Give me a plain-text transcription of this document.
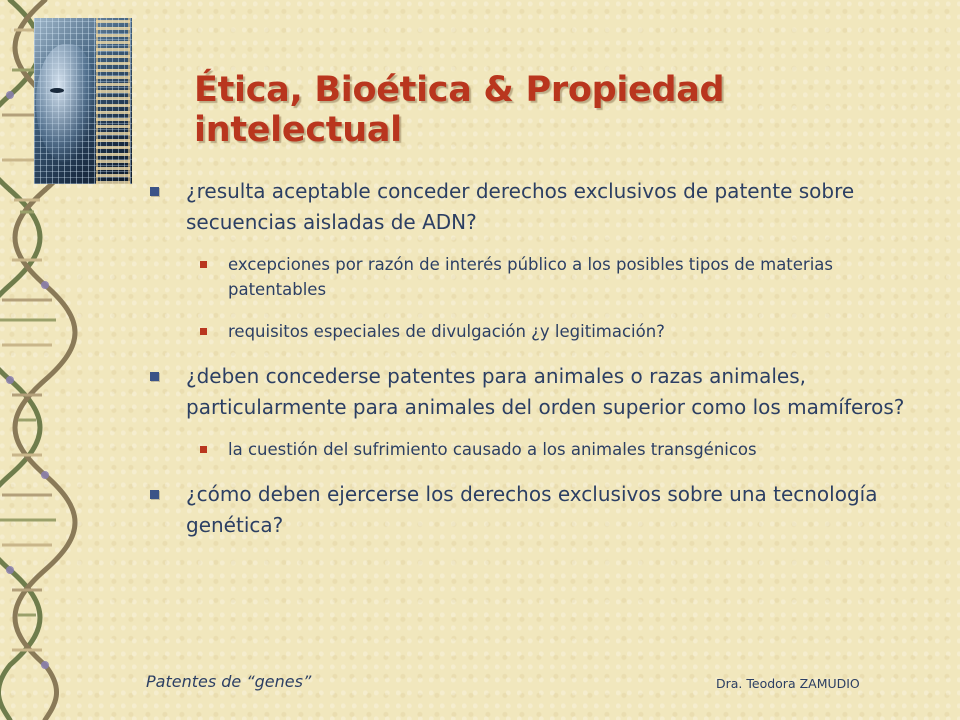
Ética, Bioética & Propiedad intelectual
¿resulta aceptable conceder derechos exclusivos de patente sobre secuencias aisladas de ADN?
excepciones por razón de interés público a los posibles tipos de materias patentables
requisitos especiales de divulgación ¿y legitimación?
¿deben concederse patentes para animales o razas animales, particularmente para animales del orden superior como los mamíferos?
la cuestión del sufrimiento causado a los animales transgénicos
¿cómo deben ejercerse los derechos exclusivos sobre una tecnología genética?
Patentes de “genes”	Dra. Teodora ZAMUDIO
